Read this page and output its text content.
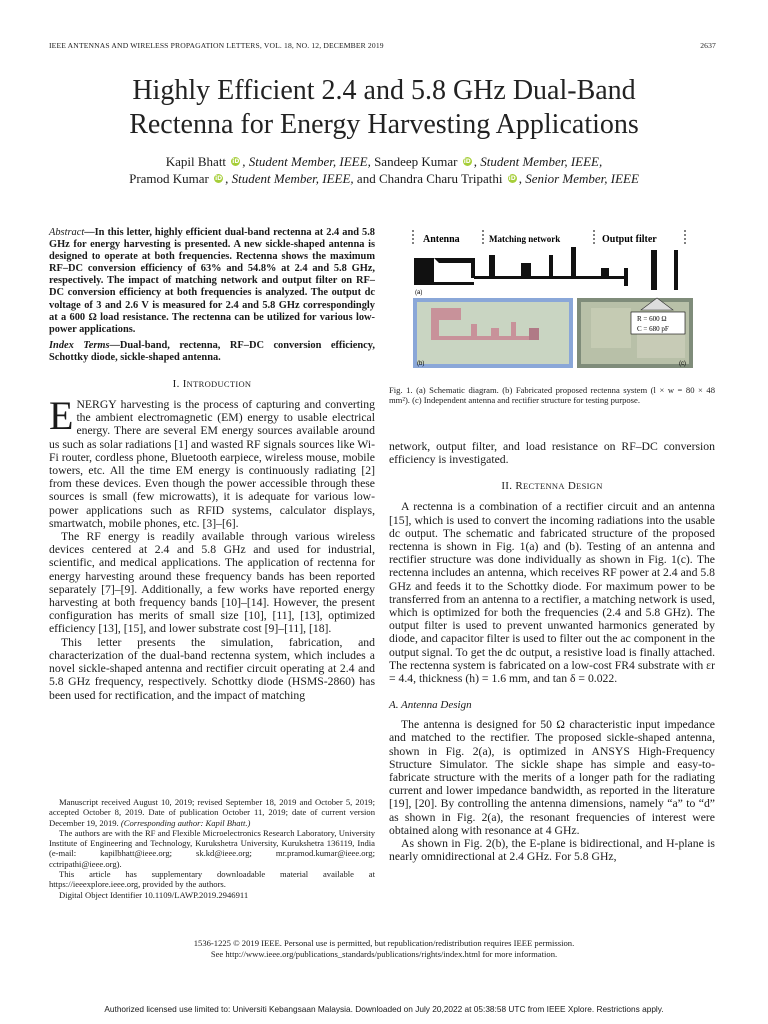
IEEE ANTENNAS AND WIRELESS PROPAGATION LETTERS, VOL. 18, NO. 12, DECEMBER 2019	2637
Highly Efficient 2.4 and 5.8 GHz Dual-Band
Rectenna for Energy Harvesting Applications
Kapil Bhatt iD , Student Member, IEEE, Sandeep Kumar iD , Student Member, IEEE,
Pramod Kumar iD , Student Member, IEEE, and Chandra Charu Tripathi iD , Senior Member, IEEE

Abstract—In this letter, highly efficient dual-band rectenna at 2.4 and 5.8 GHz for energy harvesting is presented. A new sickle-shaped antenna is designed to operate at both frequencies. Rectenna shows the maximum RF–DC conversion efficiency of 63% and 54.8% at 2.4 and 5.8 GHz, respectively. The impact of matching network and output filter on RF–DC conversion efficiency at both frequencies is analyzed. The output dc voltage of 3 and 2.6 V is measured for 2.4 and 5.8 GHz correspondingly at a 600 Ω load resistance. The rectenna can be utilized for various low-power applications.

Index Terms—Dual-band, rectenna, RF–DC conversion efficiency, Schottky diode, sickle-shaped antenna.

I. INTRODUCTION

ENERGY harvesting is the process of capturing and converting the ambient electromagnetic (EM) energy to usable electrical energy. There are several EM energy sources available around us such as solar radiations [1] and wasted RF signals sources like Wi-Fi router, cordless phone, Bluetooth earpiece, wireless mouse, mobile towers, etc. All the time EM energy is continuously radiating [2] from these devices. Even though the power accessible through these sources is small (few microwatts), it is adequate for various low-power applications such as RFID systems, calculator displays, smartwatch, mobile phones, etc. [3]–[6].

The RF energy is readily available through various wireless devices centered at 2.4 and 5.8 GHz and used for industrial, scientific, and medical applications. The application of rectenna for energy harvesting around these frequency bands has been reported separately [7]–[9]. Additionally, a few works have reported energy harvesting at both frequency bands [10]–[14]. However, the present configuration has merits of small size [10], [11], [13], optimized efficiency [13], [15], and lower substrate cost [9]–[11], [18].

This letter presents the simulation, fabrication, and characterization of the dual-band rectenna system, which includes a novel sickle-shaped antenna and rectifier circuit operating at 2.4 and 5.8 GHz frequency, respectively. Schottky diode (HSMS-2860) has been used for rectification, and the impact of matching

Manuscript received August 10, 2019; revised September 18, 2019 and October 5, 2019; accepted October 8, 2019. Date of publication October 11, 2019; date of current version December 19, 2019. (Corresponding author: Kapil Bhatt.)

The authors are with the RF and Flexible Microelectronics Research Laboratory, University Institute of Engineering and Technology, Kurukshetra University, Kurukshetra 136119, India (e-mail: kapilbhatt@ieee.org; sk.kd@ieee.org; mr.pramod.kumar@ieee.org; cctripathi@ieee.org).

This article has supplementary downloadable material available at https://ieeexplore.ieee.org, provided by the authors.

Digital Object Identifier 10.1109/LAWP.2019.2946911

Antenna	Matching network	Output filter
(a)
(b)
R = 600 Ω
C = 680 pF
(c)
Fig. 1. (a) Schematic diagram. (b) Fabricated proposed rectenna system (l × w = 80 × 48 mm²). (c) Independent antenna and rectifier structure for testing purpose.

network, output filter, and load resistance on RF–DC conversion efficiency is investigated.

II. RECTENNA DESIGN

A rectenna is a combination of a rectifier circuit and an antenna [15], which is used to convert the incoming radiations into the usable dc output. The schematic and fabricated structure of the proposed rectenna is shown in Fig. 1(a) and (b). Testing of an antenna and rectifier structure was done individually as shown in Fig. 1(c). The rectenna includes an antenna, which receives RF power at 2.4 and 5.8 GHz and feeds it to the Schottky diode. For maximum power to be transferred from an antenna to a rectifier, a matching network is used, which is optimized for both the frequencies (2.4 and 5.8 GHz). The output filter is used to prevent unwanted harmonics generated by diode, and capacitor filter is used to filter out the ac component in the output signal. To get the dc output, a resistive load is finally attached. The rectenna system is fabricated on a low-cost FR4 substrate with εr = 4.4, thickness (h) = 1.6 mm, and tan δ = 0.022.

A. Antenna Design

The antenna is designed for 50 Ω characteristic input impedance and matched to the rectifier. The proposed sickle-shaped antenna, shown in Fig. 2(a), is optimized in ANSYS High-Frequency Structure Simulator. The sickle shape has simple and easy-to-fabricate structure with the merits of a longer path for the radiating current and lower impedance bandwidth, as reported in the literature [19], [20]. By controlling the antenna dimensions, namely “a” to “d” as shown in Fig. 2(a), the resonant frequencies of interest were obtained along with resonance at 4 GHz.

As shown in Fig. 2(b), the E-plane is bidirectional, and H-plane is nearly omnidirectional at 2.4 GHz. For 5.8 GHz,

1536-1225 © 2019 IEEE. Personal use is permitted, but republication/redistribution requires IEEE permission.
See http://www.ieee.org/publications_standards/publications/rights/index.html for more information.
Authorized licensed use limited to: Universiti Kebangsaan Malaysia. Downloaded on July 20,2022 at 05:38:58 UTC from IEEE Xplore. Restrictions apply.
